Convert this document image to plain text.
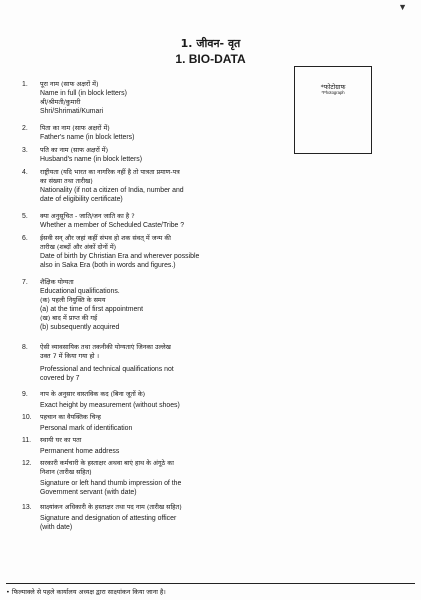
▼
1. जीवन- वृत
1. BIO-DATA
*फोटोग्राफ
*Photograph
1.	पूरा नाम (साफ अक्षरों में)
Name in full (in block letters)
श्री/श्रीमती/कुमारी
Shri/Shrimati/Kumari
2.	पिता का नाम (साफ अक्षरों में)
Father's name (in block letters)
3.	पति का नाम (साफ अक्षरों में)
Husband's name (in block letters)
4.	राष्ट्रीयता (यदि भारत का नागरिक नहीं है तो पात्रता प्रमाण-पत्र
का संख्या तथा तारीख)
Nationality (if not a citizen of India, number and
date of eligibility certificate)
5.	क्या अनुसूचित - जाति/जन जाति का है ?
Whether a member of Scheduled Caste/Tribe ?
6.	ईसवी सन् और जहां कहीं संभव हो शक संवत् में जन्म की
तारीख (शब्दों और अंकों दोनों में)
Date of birth by Christian Era and wherever possible
also in Saka Era (both in words and figures.)
7.	शैक्षिक योग्यता
Educational qualifications.
(क) पहली नियुक्ति के समय
(a) at the time of first appointment
(ख) बाद में प्राप्त की गई
(b) subsequently acquired
8.	ऐसी व्यावसायिक तथा तकनीकी योग्यताएं जिनका उल्लेख
उक्त 7 में किया गया हो ।
Professional and technical qualifications not
covered by 7
9.	नाप के अनुसार वास्तविक कद (बिना जूतों के)
Exact height by measurement (without shoes)
10.	पहचान का वैयक्तिक चिन्ह
Personal mark of identification
11.	स्थायी घर का पता
Permanent home address
12.	सरकारी कर्मचारी के हस्ताक्षर अथवा बाएं हाथ के अंगूठे का
निशान (तारीख सहित)
Signature or left hand thumb impression of the
Government servant (with date)
13.	साक्ष्यांकन अधिकारी के हस्ताक्षर तथा पद नाम (तारीख सहित)
Signature and designation of attesting officer
(with date)
• फिल्माक्ले से पहले कार्यालय अध्यक्ष द्वारा साक्ष्यांकन किया जाना है।
